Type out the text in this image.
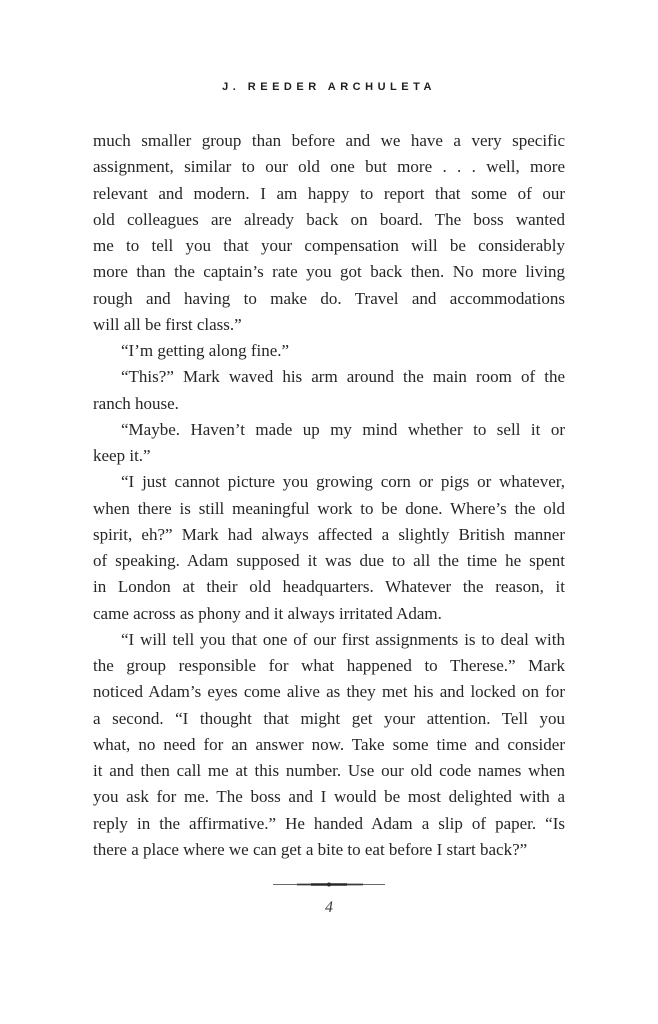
J. REEDER ARCHULETA
much smaller group than before and we have a very specific
assignment, similar to our old one but more . . . well, more
relevant and modern. I am happy to report that some of our
old colleagues are already back on board. The boss wanted
me to tell you that your compensation will be considerably
more than the captain’s rate you got back then. No more living
rough and having to make do. Travel and accommodations
will all be first class.”
“I’m getting along fine.”
“This?” Mark waved his arm around the main room of the
ranch house.
“Maybe. Haven’t made up my mind whether to sell it or
keep it.”
“I just cannot picture you growing corn or pigs or whatever,
when there is still meaningful work to be done. Where’s the old
spirit, eh?” Mark had always affected a slightly British manner
of speaking. Adam supposed it was due to all the time he spent
in London at their old headquarters. Whatever the reason, it
came across as phony and it always irritated Adam.
“I will tell you that one of our first assignments is to deal with
the group responsible for what happened to Therese.” Mark
noticed Adam’s eyes come alive as they met his and locked on for
a second. “I thought that might get your attention. Tell you
what, no need for an answer now. Take some time and consider
it and then call me at this number. Use our old code names when
you ask for me. The boss and I would be most delighted with a
reply in the affirmative.” He handed Adam a slip of paper. “Is
there a place where we can get a bite to eat before I start back?”
4
